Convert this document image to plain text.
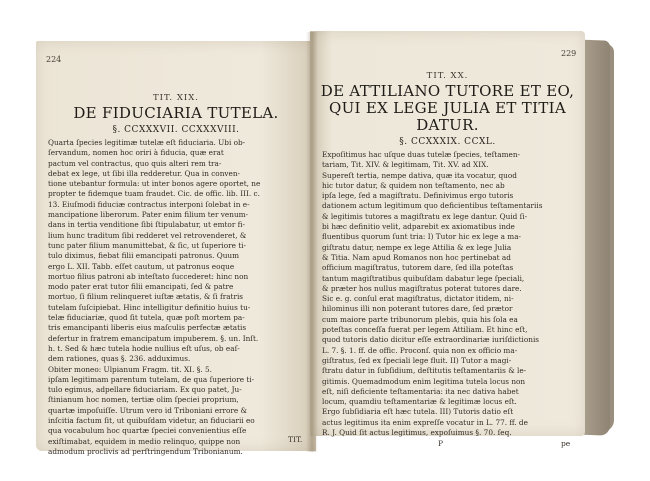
224
TIT. XIX.
DE FIDUCIARIA TUTELA.
§. CCXXXVII. CCXXXVIII.
Quarta ſpecies legitimæ tutelæ eſt fiduciaria. Ubi ob-
ſervandum, nomen hoc oriri à fiducia, quæ erat
pactum vel contractus, quo quis alteri rem tra-
debat ex lege, ut ſibi illa redderetur. Qua in conven-
tione utebantur formula: ut inter bonos agere oportet, ne
propter te fidemque tuam fraudet. Cic. de offic. lib. III. c.
13. Eiuſmodi fiduciæ contractus interponi ſolebat in e-
mancipatione liberorum. Pater enim filium ter venum-
dans in tertia venditione ſibi ſtipulabatur, ut emtor fi-
lium hunc traditum ſibi redderet vel retrovenderet, &
tunc pater filium manumittebat, & ſic, ut ſuperiore ti-
tulo diximus, fiebat filii emancipati patronus. Quum
ergo L. XII. Tabb. eſſet cautum, ut patronus eoque
mortuo filius patroni ab inteſtato ſuccederet: hinc non
modo pater erat tutor filii emancipati, ſed & patre
mortuo, ſi filium relinqueret iuſtæ ætatis, & ſi fratris
tutelam ſuſcipiebat. Hinc intelligitur definitio huius tu-
telæ fiduciariæ, quod ſit tutela, quæ poſt mortem pa-
tris emancipanti liberis eius maſculis perfectæ ætatis
defertur in fratrem emancipatum impuberem. §. un. Inſt.
h. t. Sed & hæc tutela hodie nullius eſt uſus, ob eaſ-
dem rationes, quas §. 236. adduximus.
Obiter moneo: Ulpianum Fragm. tit. XI. §. 5.
ipſam legitimam parentum tutelam, de qua ſuperiore ti-
tulo egimus, adpellare fiduciariam. Ex quo patet, Ju-
ſtinianum hoc nomen, tertiæ olim ſpeciei proprium,
quartæ impoſuiſſe. Utrum vero id Triboniani errore &
inſcitia factum ſit, ut quibuſdam videtur, an fiduciarii eo
qua vocabulum hoc quartæ ſpeciei convenientius eſſe
exiſtimabat, equidem in medio relinquo, quippe non
admodum proclivis ad perſtringendum Tribonianum.
TIT.
229
TIT. XX.
DE ATTILIANO TUTORE ET EO,
QUI EX LEGE JULIA ET TITIA
DATUR.
§. CCXXXIX. CCXL.
Expoſitimus hac uſque duas tutelæ ſpecies, teſtamen-
tariam, Tit. XIV. & legitimam, Tit. XV. ad XIX.
Supereſt tertia, nempe dativa, quæ ita vocatur, quod
hic tutor datur, & quidem non teſtamento, nec ab
ipſa lege, ſed a magiſtratu. Definivimus ergo tutoris
dationem actum legitimum quo deficientibus teſtamentariis
& legitimis tutores a magiſtratu ex lege dantur. Quid ſi-
bi hæc definitio velit, adparebit ex axiomatibus inde
fluentibus quorum ſunt tria: I) Tutor hic ex lege a ma-
giſtratu datur, nempe ex lege Attilia & ex lege Julia
& Titia. Nam apud Romanos non hoc pertinebat ad
officium magiſtratus, tutorem dare, ſed illa poteſtas
tantum magiſtratibus quibuſdam dabatur lege ſpeciali,
& præter hos nullus magiſtratus poterat tutores dare.
Sic e. g. conſul erat magiſtratus, dictator itidem, ni-
hilominus illi non poterant tutores dare, ſed prætor
cum maiore parte tribunorum plebis, quia his ſola ea
poteſtas conceſſa fuerat per legem Attiliam. Et hinc eſt,
quod tutoris datio dicitur eſſe extraordinariæ iuriſdictionis
L. 7. §. 1. ff. de offic. Proconſ. quia non ex officio ma-
giſtratus, ſed ex ſpeciali lege fluit. II) Tutor a magi-
ſtratu datur in ſubſidium, deſtitutis teſtamentariis & le-
gitimis. Quemadmodum enim legitima tutela locus non
eſt, niſi deficiente teſtamentaria: ita nec dativa habet
locum, quamdiu teſtamentariæ & legitimæ locus eſt.
Ergo ſubſidiaria eſt hæc tutela. III) Tutoris datio eſt
actus legitimus ita enim expreſſe vocatur in L. 77. ff. de
R. J. Quid ſit actus legitimus, expoſuimus §. 70. ſeq.
P	pe
